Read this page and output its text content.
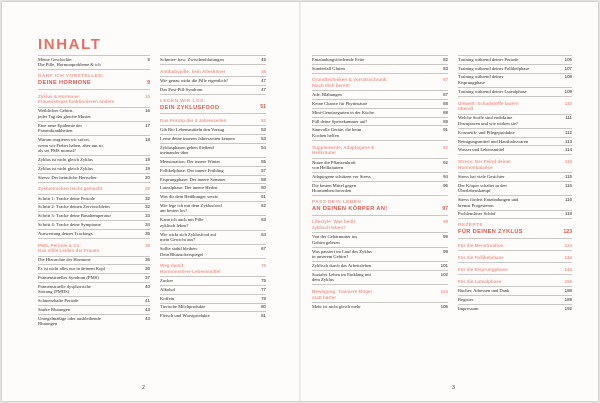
INHALT
Meine Geschichte:
Die Pille, Hormonprobleme & ich
5
DARF ICH VORSTELLEN:
DEINE HORMONE	9
Zyklus & Hormone:
Frauenkörper funktionieren anders
10
Weibliches Gehirn,
jeder Tag das gleiche Muster
16
Eine neue Epidemie der
Frauenkrankheiten
17
Warum reagieren wir sofort,
wenn wir Fieber haben, aber tun so,
als sei PMS normal?
18
Zyklus ist nicht gleich Zyklus	19
Zyklus ist nicht gleich Zyklus	19
Stress: Der heimliche Herrscher	20
Zyklustracken leicht gemacht	29
Schritt 1: Tracke deine Periode	32
Schritt 2: Tracke deinen Zervixschleim	32
Schritt 3: Tracke deine Basaltemperatur	33
Schritt 4: Tracke deine Symptome	34
Auswertung deines Trackings	35
PMS, Periode & Co:
Das stille Leiden der Frauen
35
Die Hierarchie der Hormone	35
Es ist nicht alles nur in deinem Kopf	36
Prämenstruelles Syndrom (PMS)	37
Prämenstruelle dysphorische
Störung (PMDS)
40
Schmerzhafte Periode	41
Starke Blutungen	43
Unregelmäßige oder ausbleibende
Blutungen
43
Schmier- bzw. Zwischenblutungen	45
Antibabypille: kein Allesköner	46
Wie genau wirkt die Pille eigentlich?	47
Das Post-Pill-Syndrom	47
LEGEN WIR LOS:
DEIN ZYKLUSFOOD	51
Das Prinzip der 4 Jahreszeiten	52
Gib Bio Lebensmitteln den Vorzug	53
Lerne deine inneren Jahreszeiten kennen	53
Zyklusphasen gehen fließend
ineinander über
54
Menstruation: Der innere Winter	55
Follikelphase: Der innere Frühling	57
Eisprungphase: Der innere Sommer	58
Lutealphase: Der innere Herbst	60
Was dir dein Heißhunger verrät	61
Wie lege ich mit dem Zyklusfood
am besten los?
62
Kann ich auch mit Pille
zyklisch leben?
63
Wie wirkt sich Zyklusfood auf
mein Gewicht aus?
64
Sollte stabil bleiben:
Dein Blutzuckerspiegel
67
Weg damit:
Hormonstörer-Lebensmittel
76
Zucker	75
Alkohol	77
Koffein	78
Tierische Milchprodukte	80
Fleisch und Wurstprodukte	81
Entzündungsfördernde Fette	82
Sonderfall Gluten	83
Grundtechniken & Vorratsschrank:
Mach dich bereit!
87
Ade, Blähungen	87
Keine Chance für Phytinsäure	88
Mini-Gemüsegarten in der Küche	88
Füll deine Speisekammer auf!	89
Sinnvolle Geräte, die beim
Kochen helfen
91
Supplemente, Adaptogene &
Heilkräuter
92
Nutze die Pflanzenkraft
von Heilkräutern
92
Adaptogene schützen vor Stress	94
Die besten Mittel gegen
Hormonbeschwerden
96
PASS DEIN LEBEN
AN DEINEN KÖRPER AN!	97
Lifestyle: Was heißt
zyklisch leben?
98
Von der Gebärmutter ins
Gehirn gelesen
99
Was passiert im Lauf des Zyklus
in unserem Gehirn?
99
Zyklisch durch das Arbeitsleben	101
Soziales Leben im Einklang mit
dem Zyklus
102
Bewegung: Trainiere klüger
statt härter
104
Mehr ist nicht gleich mehr	105
Training während deiner Periode	106
Training während deiner Follikelphase	107
Training während deiner
Eisprungphase
108
Training während deiner Lutealphase	109
Umwelt: Schadstoffe lauern
überall
110
Welche Stoffe sind endokrine
Disruptoren und wie wirken sie?
111
Kosmetik- und Pflegeprodukte	112
Reinigungsmittel und Haushaltswaren	113
Wasser und Lebensmittel	114
Stress: Der Feind deiner
Hormonbalance
115
Stress hat viele Gesichter	115
Der Körper schaltet in den
Überlebenskampf
116
Stress fördert Entzündungen und
bremst Progesteron
116
Problemlöser Schlaf	118
REZEPTE
FÜR DEINEN ZYKLUS	123
Für die Menstruation	124
Für die Follikelphase	134
Für die Eisprungphase	144
Für die Lutealphase	156
Bücher, Adressen und Dank	188
Register	189
Impressum	192
2	3
